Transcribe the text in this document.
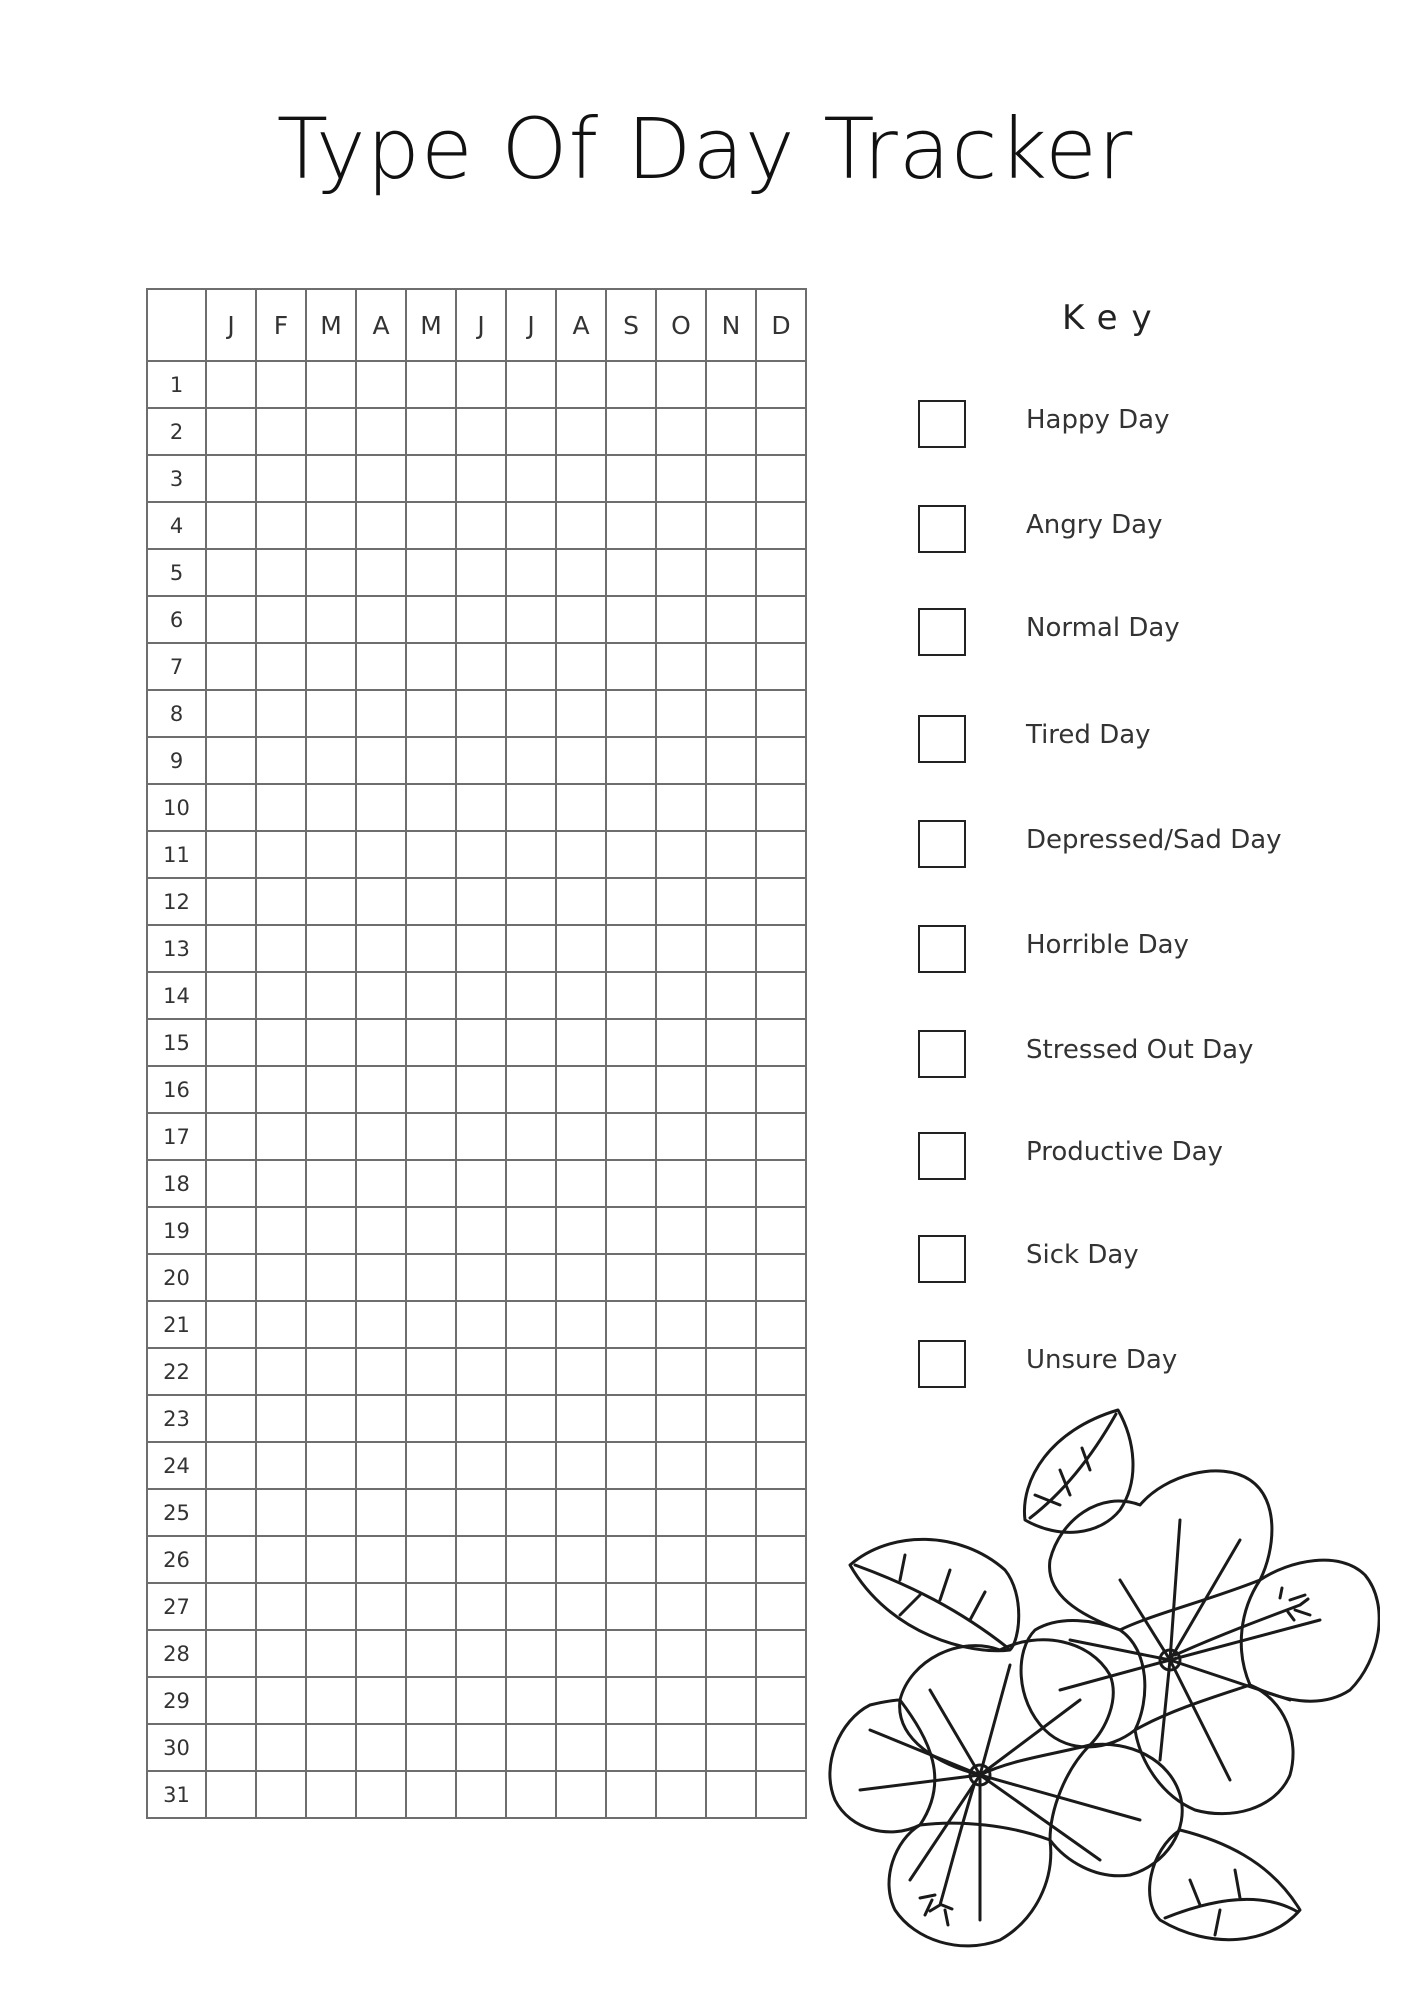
Type Of Day Tracker
	J	F	M	A	M	J	J	A	S	O	N	D
1												
2												
3												
4												
5												
6												
7												
8												
9												
10												
11												
12												
13												
14												
15												
16												
17												
18												
19												
20												
21												
22												
23												
24												
25												
26												
27												
28												
29												
30												
31												
Key
Happy Day
Angry Day
Normal Day
Tired Day
Depressed/Sad Day
Horrible Day
Stressed Out Day
Productive Day
Sick Day
Unsure Day
